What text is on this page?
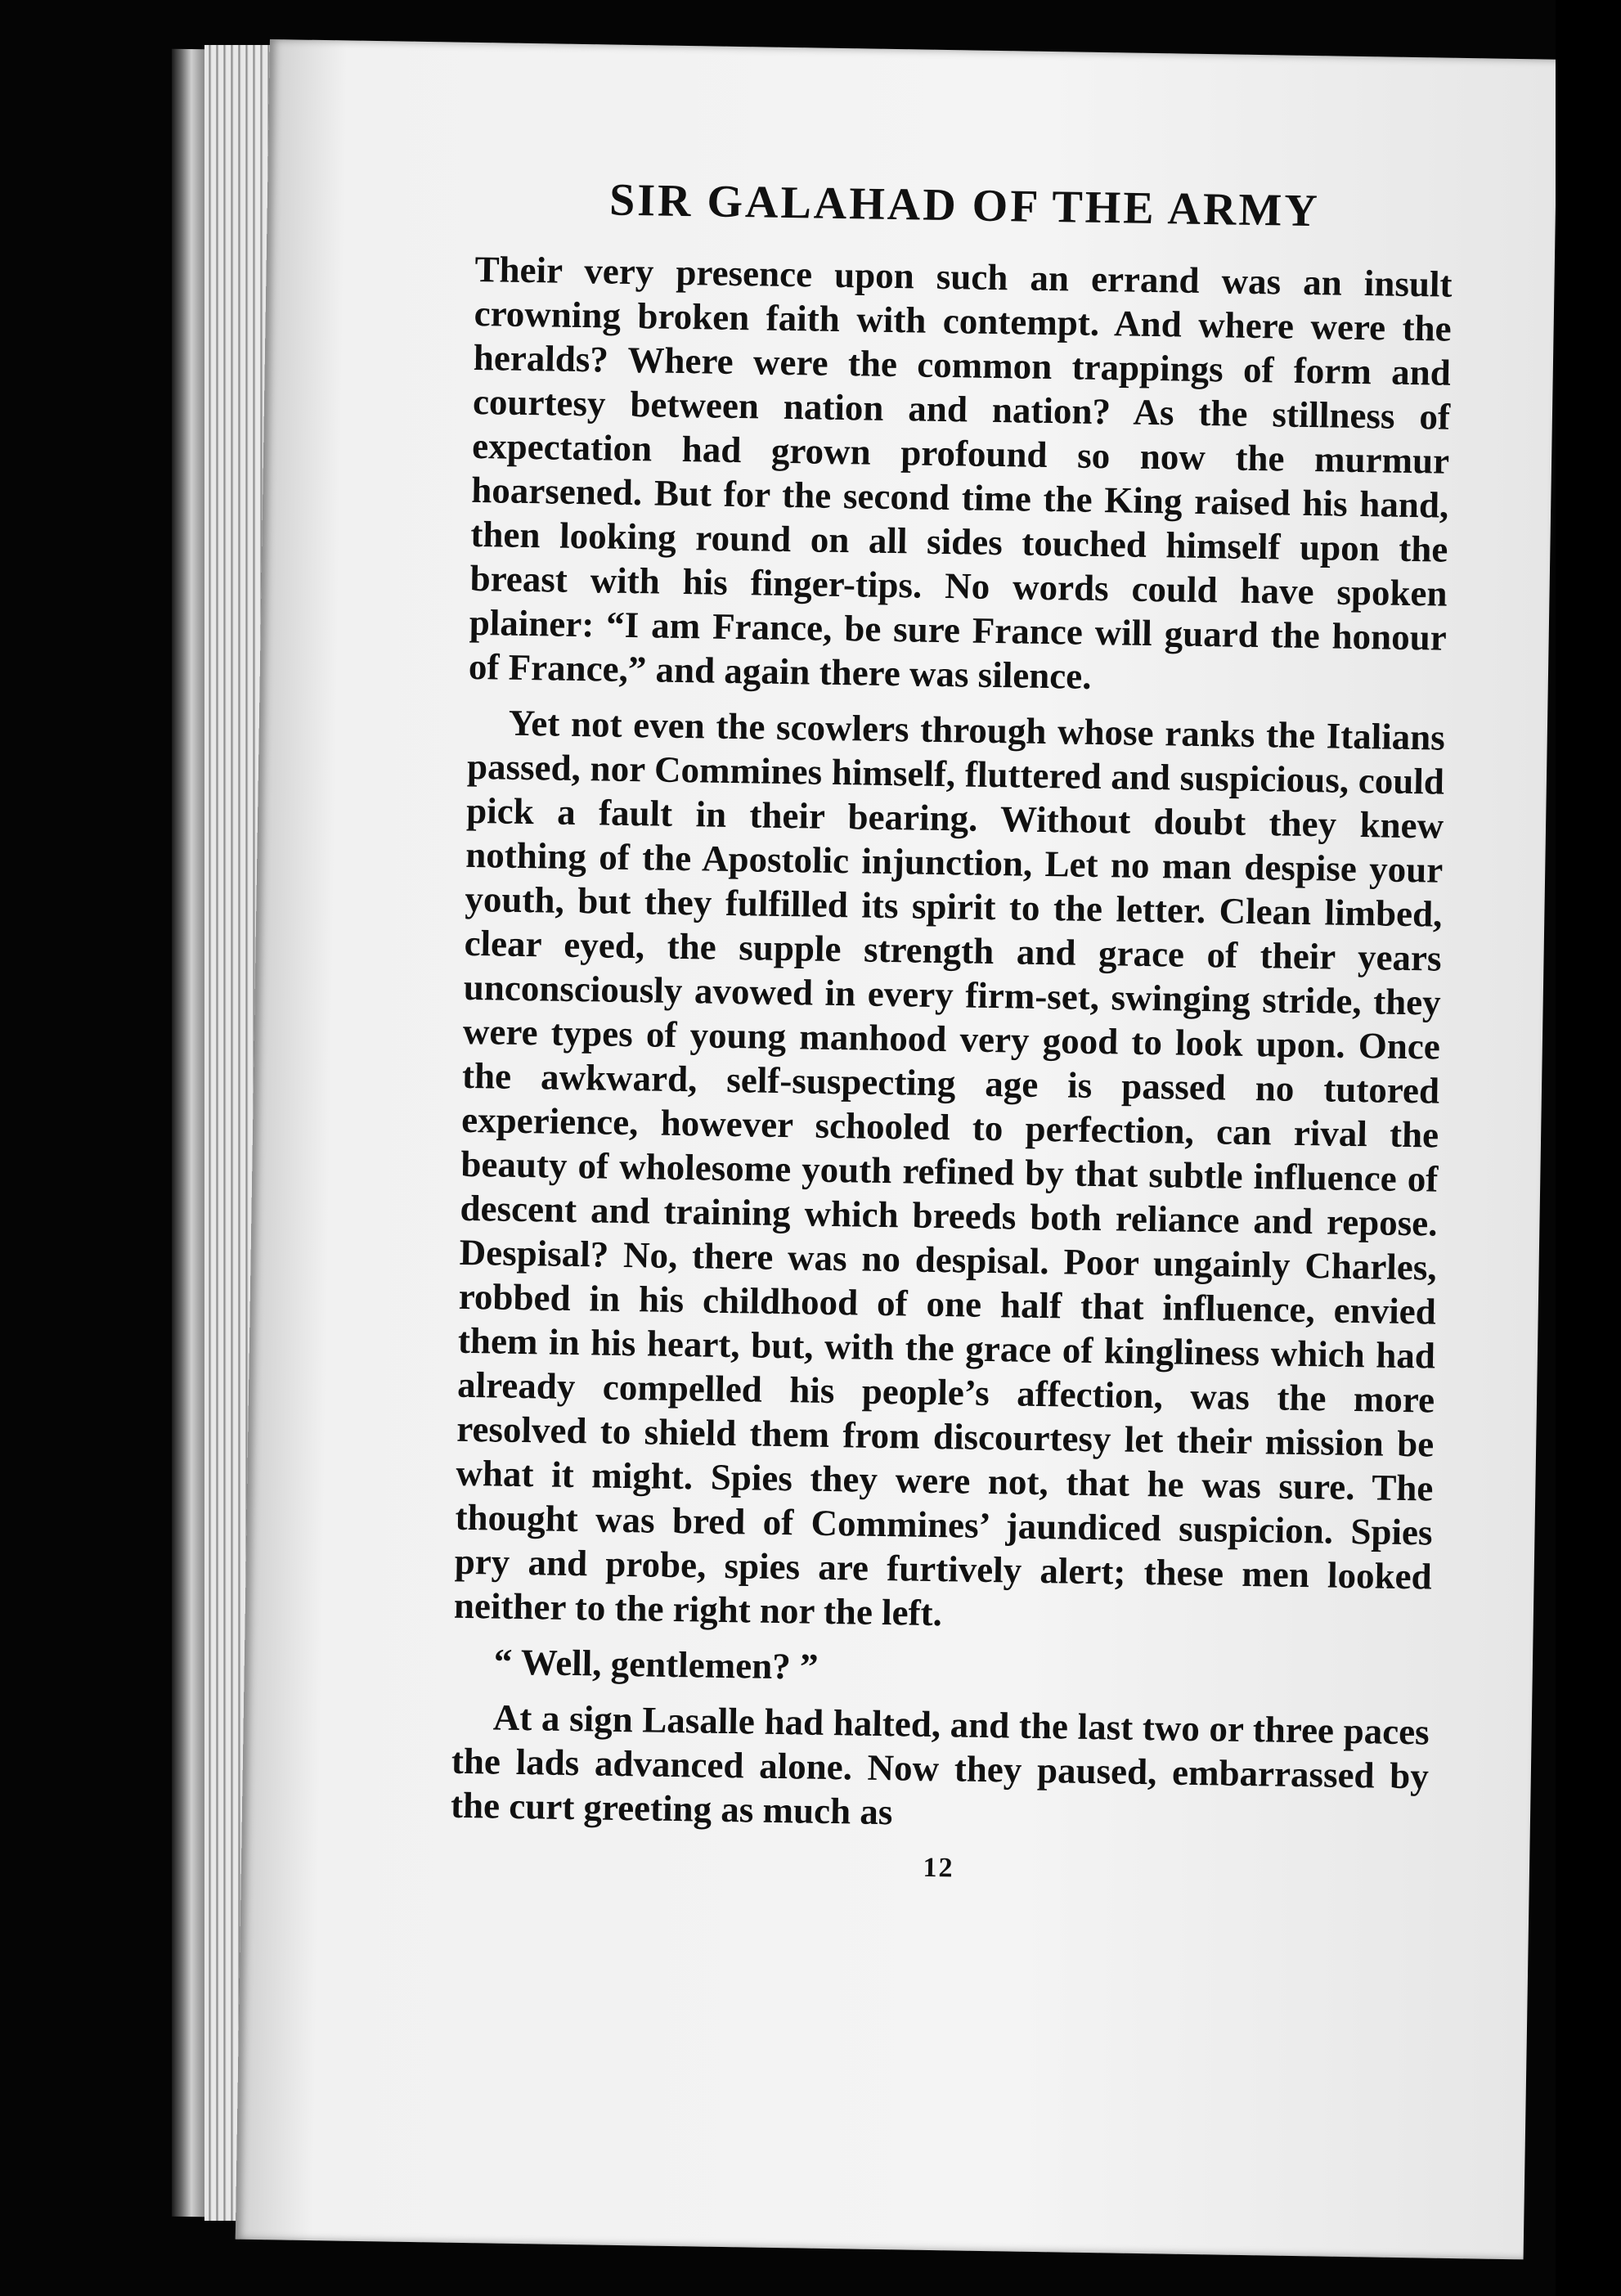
SIR GALAHAD OF THE ARMY

Their very presence upon such an errand was an insult crowning broken faith with contempt. And where were the heralds? Where were the common trappings of form and courtesy between nation and nation? As the stillness of expectation had grown profound so now the murmur hoarsened. But for the second time the King raised his hand, then looking round on all sides touched himself upon the breast with his finger-tips. No words could have spoken plainer: “I am France, be sure France will guard the honour of France,” and again there was silence.

Yet not even the scowlers through whose ranks the Italians passed, nor Commines himself, fluttered and suspicious, could pick a fault in their bearing. Without doubt they knew nothing of the Apostolic injunction, Let no man despise your youth, but they fulfilled its spirit to the letter. Clean limbed, clear eyed, the supple strength and grace of their years unconsciously avowed in every firm-set, swinging stride, they were types of young manhood very good to look upon. Once the awkward, self-suspecting age is passed no tutored experience, however schooled to perfection, can rival the beauty of wholesome youth refined by that subtle influence of descent and training which breeds both reliance and repose. Despisal? No, there was no despisal. Poor ungainly Charles, robbed in his childhood of one half that influence, envied them in his heart, but, with the grace of kingliness which had already compelled his people’s affection, was the more resolved to shield them from discourtesy let their mission be what it might. Spies they were not, that he was sure. The thought was bred of Commines’ jaundiced suspicion. Spies pry and probe, spies are furtively alert; these men looked neither to the right nor the left.

“ Well, gentlemen? ”

At a sign Lasalle had halted, and the last two or three paces the lads advanced alone. Now they paused, embarrassed by the curt greeting as much as

12
